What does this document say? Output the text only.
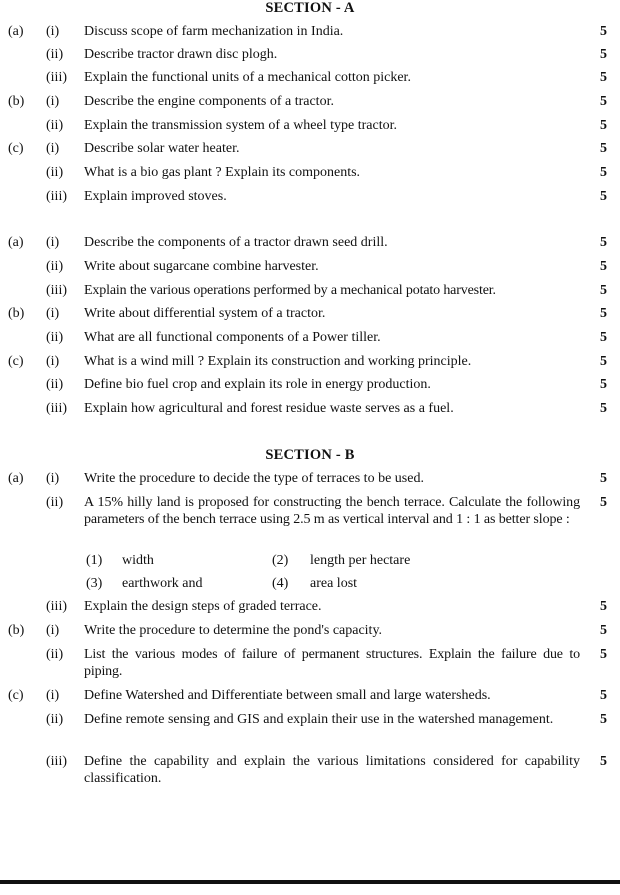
SECTION - A
(a) (i) Discuss scope of farm mechanization in India.	5
(ii) Describe tractor drawn disc plogh.	5
(iii) Explain the functional units of a mechanical cotton picker.	5
(b) (i) Describe the engine components of a tractor.	5
(ii) Explain the transmission system of a wheel type tractor.	5
(c) (i) Describe solar water heater.	5
(ii) What is a bio gas plant ? Explain its components.	5
(iii) Explain improved stoves.	5
(a) (i) Describe the components of a tractor drawn seed drill.	5
(ii) Write about sugarcane combine harvester.	5
(iii) Explain the various operations performed by a mechanical potato harvester.	5
(b) (i) Write about differential system of a tractor.	5
(ii) What are all functional components of a Power tiller.	5
(c) (i) What is a wind mill ? Explain its construction and working principle.	5
(ii) Define bio fuel crop and explain its role in energy production.	5
(iii) Explain how agricultural and forest residue waste serves as a fuel.	5
SECTION - B
(a) (i) Write the procedure to decide the type of terraces to be used.	5
(ii) A 15% hilly land is proposed for constructing the bench terrace. Calculate the following parameters of the bench terrace using 2.5 m as vertical interval and 1 : 1 as better slope :
5
(1) width	(2) length per hectare
(3) earthwork and	(4) area lost
(iii) Explain the design steps of graded terrace.	5
(b) (i) Write the procedure to determine the pond's capacity.	5
(ii) List the various modes of failure of permanent structures. Explain the failure due to piping.
5
(c) (i) Define Watershed and Differentiate between small and large watersheds.	5
(ii) Define remote sensing and GIS and explain their use in the watershed management.	5
(iii) Define the capability and explain the various limitations considered for capability classification.
5
